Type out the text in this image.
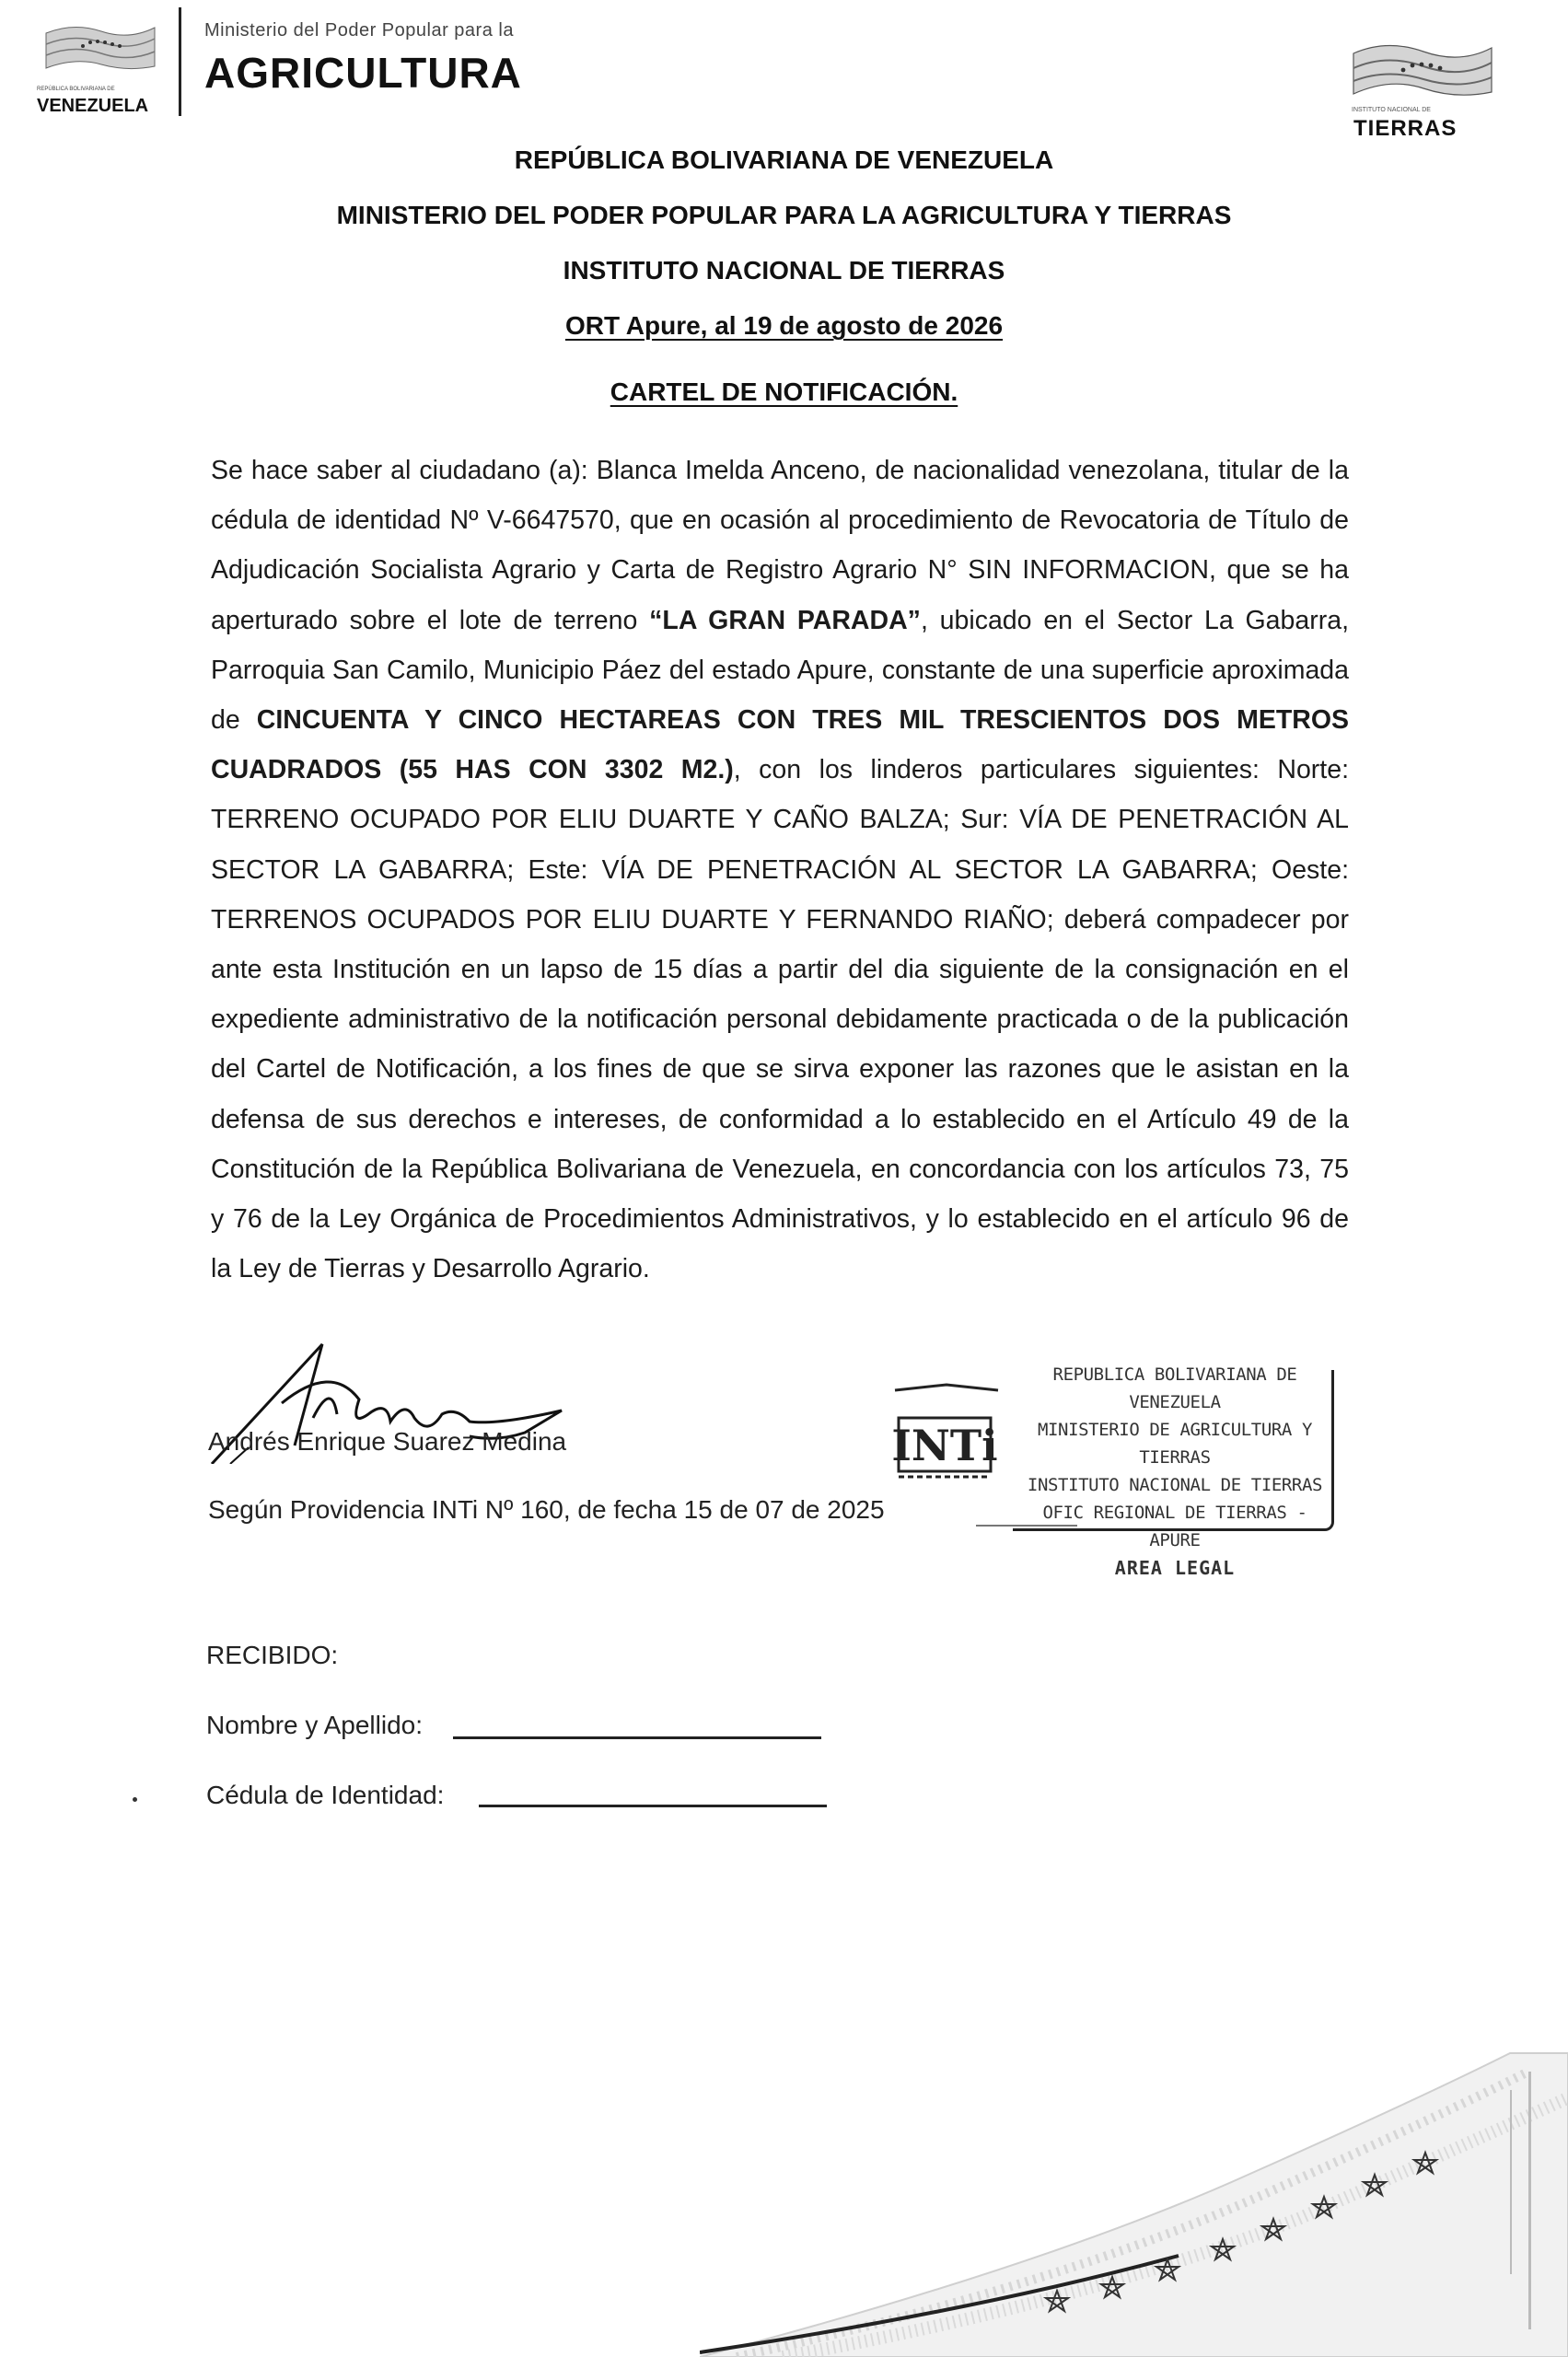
REPÚBLICA BOLIVARIANA DE
VENEZUELA
Ministerio del Poder Popular para la
AGRICULTURA
INSTITUTO NACIONAL DE
TIERRAS
REPÚBLICA BOLIVARIANA DE VENEZUELA
MINISTERIO DEL PODER POPULAR PARA LA AGRICULTURA Y TIERRAS
INSTITUTO NACIONAL DE TIERRAS
ORT Apure, al 19 de agosto de 2026
CARTEL DE NOTIFICACIÓN.
Se hace saber al ciudadano (a): Blanca Imelda Anceno, de nacionalidad venezolana, titular de la cédula de identidad Nº V-6647570, que en ocasión al procedimiento de Revocatoria de Título de Adjudicación Socialista Agrario y Carta de Registro Agrario N° SIN INFORMACION, que se ha aperturado sobre el lote de terreno “LA GRAN PARADA”, ubicado en el Sector La Gabarra, Parroquia San Camilo, Municipio Páez del estado Apure, constante de una superficie aproximada de CINCUENTA Y CINCO HECTAREAS CON TRES MIL TRESCIENTOS DOS METROS CUADRADOS (55 HAS CON 3302 M2.), con los linderos particulares siguientes: Norte: TERRENO OCUPADO POR ELIU DUARTE Y CAÑO BALZA; Sur: VÍA DE PENETRACIÓN AL SECTOR LA GABARRA; Este: VÍA DE PENETRACIÓN AL SECTOR LA GABARRA; Oeste: TERRENOS OCUPADOS POR ELIU DUARTE Y FERNANDO RIAÑO; deberá compadecer por ante esta Institución en un lapso de 15 días a partir del dia siguiente de la consignación en el expediente administrativo de la notificación personal debidamente practicada o de la publicación del Cartel de Notificación, a los fines de que se sirva exponer las razones que le asistan en la defensa de sus derechos e intereses, de conformidad a lo establecido en el Artículo 49 de la Constitución de la República Bolivariana de Venezuela, en concordancia con los artículos 73, 75 y 76 de la Ley Orgánica de Procedimientos Administrativos, y lo establecido en el artículo 96 de la Ley de Tierras y Desarrollo Agrario.
Andrés Enrique Suarez Medina
Según Providencia INTi Nº 160, de fecha 15 de 07 de 2025
INTi
REPUBLICA BOLIVARIANA DE VENEZUELA
MINISTERIO DE AGRICULTURA Y TIERRAS
INSTITUTO NACIONAL DE TIERRAS
OFIC REGIONAL DE TIERRAS - APURE
AREA LEGAL
RECIBIDO:
Nombre y Apellido:
Cédula de Identidad:
